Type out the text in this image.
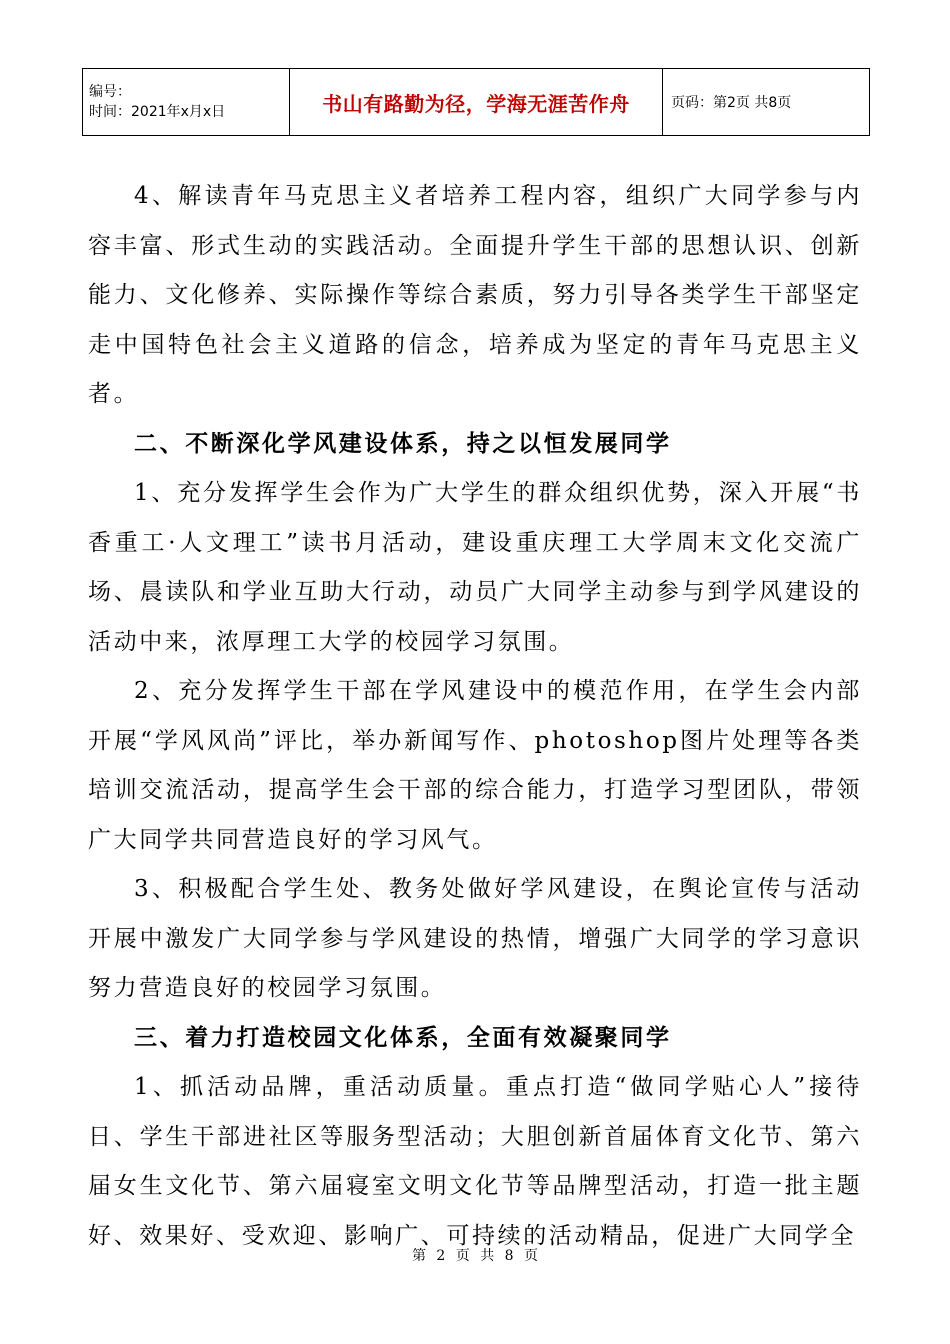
编号：
时间：2021年x月x日	书山有路勤为径，学海无涯苦作舟	页码：第2页 共8页

4、解读青年马克思主义者培养工程内容，组织广大同学参与内容丰富、形式生动的实践活动。全面提升学生干部的思想认识、创新能力、文化修养、实际操作等综合素质，努力引导各类学生干部坚定走中国特色社会主义道路的信念，培养成为坚定的青年马克思主义者。

二、不断深化学风建设体系，持之以恒发展同学

1、充分发挥学生会作为广大学生的群众组织优势，深入开展“书香重工·人文理工”读书月活动，建设重庆理工大学周末文化交流广场、晨读队和学业互助大行动，动员广大同学主动参与到学风建设的活动中来，浓厚理工大学的校园学习氛围。

2、充分发挥学生干部在学风建设中的模范作用，在学生会内部开展“学风风尚”评比，举办新闻写作、photoshop图片处理等各类培训交流活动，提高学生会干部的综合能力，打造学习型团队，带领广大同学共同营造良好的学习风气。

3、积极配合学生处、教务处做好学风建设，在舆论宣传与活动开展中激发广大同学参与学风建设的热情，增强广大同学的学习意识努力营造良好的校园学习氛围。

三、着力打造校园文化体系，全面有效凝聚同学

1、抓活动品牌，重活动质量。重点打造“做同学贴心人”接待日、学生干部进社区等服务型活动；大胆创新首届体育文化节、第六届女生文化节、第六届寝室文明文化节等品牌型活动，打造一批主题好、效果好、受欢迎、影响广、可持续的活动精品，促进广大同学全

第 2 页 共 8 页
